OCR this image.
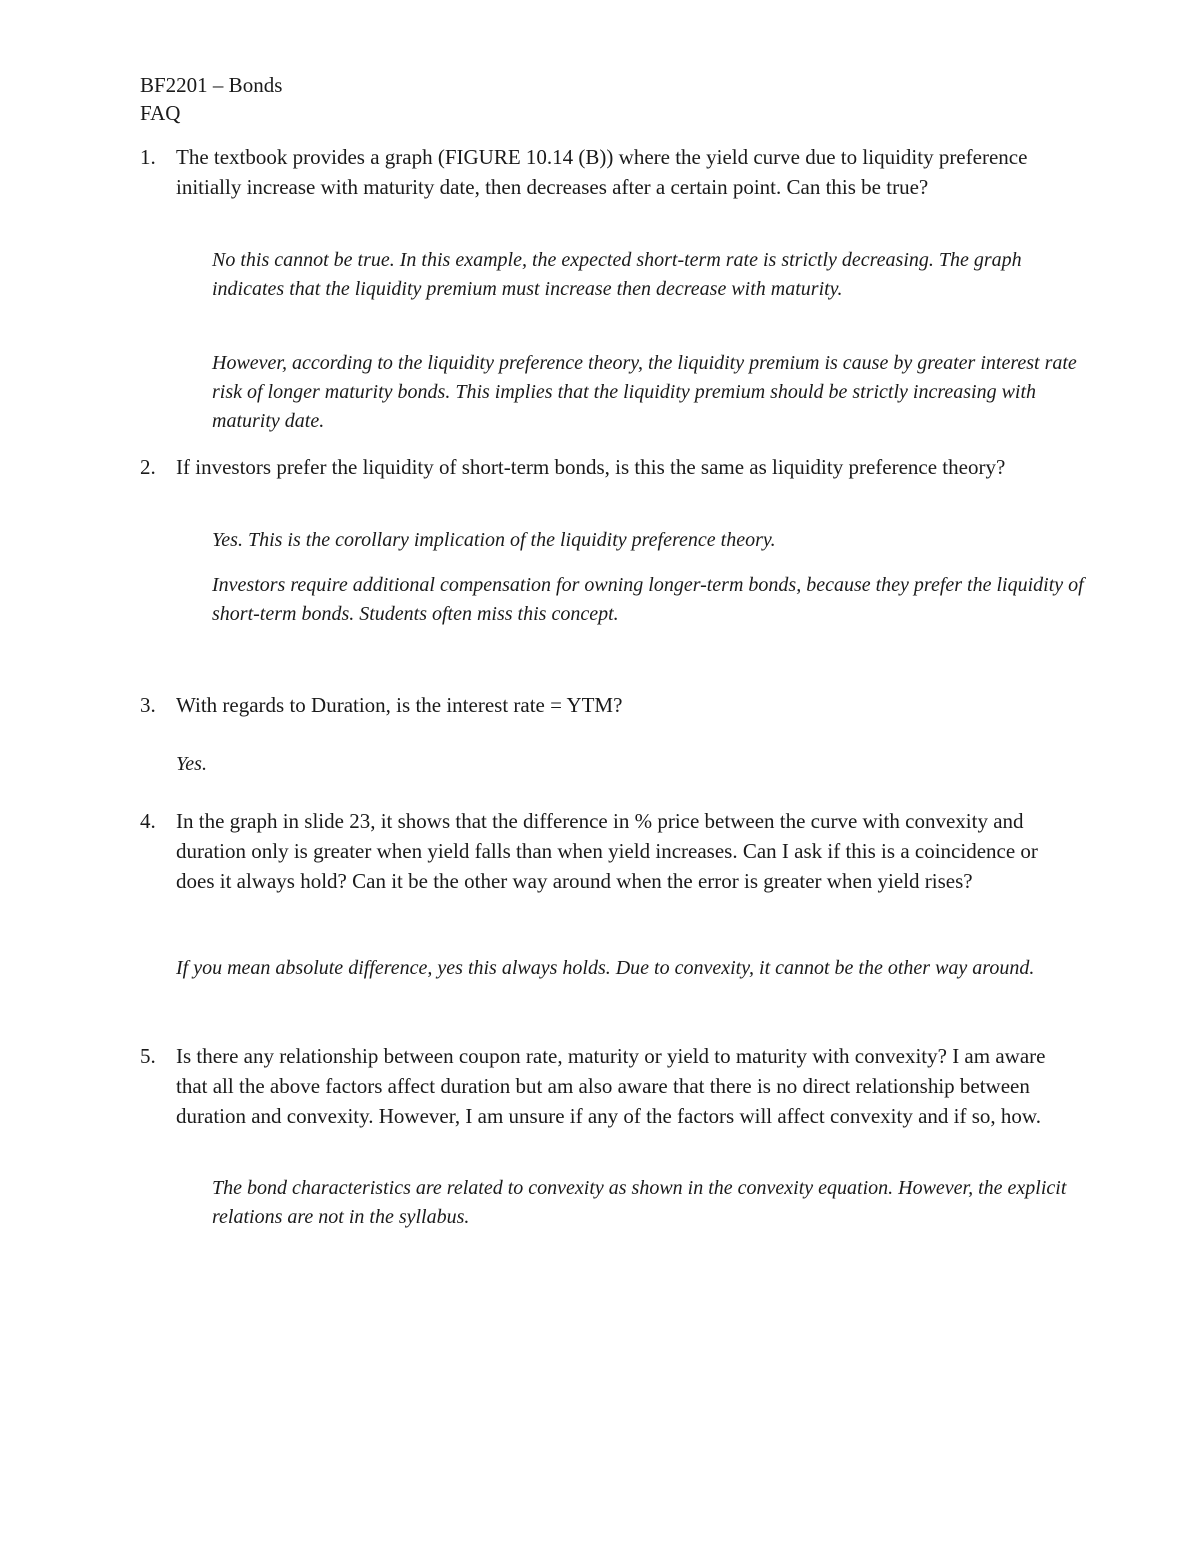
BF2201 – Bonds
FAQ
1. The textbook provides a graph (FIGURE 10.14 (B)) where the yield curve due to liquidity preference initially increase with maturity date, then decreases after a certain point. Can this be true?
No this cannot be true. In this example, the expected short-term rate is strictly decreasing. The graph indicates that the liquidity premium must increase then decrease with maturity.
However, according to the liquidity preference theory, the liquidity premium is cause by greater interest rate risk of longer maturity bonds. This implies that the liquidity premium should be strictly increasing with maturity date.
2. If investors prefer the liquidity of short-term bonds, is this the same as liquidity preference theory?
Yes. This is the corollary implication of the liquidity preference theory.
Investors require additional compensation for owning longer-term bonds, because they prefer the liquidity of short-term bonds. Students often miss this concept.
3. With regards to Duration, is the interest rate = YTM?
Yes.
4. In the graph in slide 23, it shows that the difference in % price between the curve with convexity and duration only is greater when yield falls than when yield increases. Can I ask if this is a coincidence or does it always hold? Can it be the other way around when the error is greater when yield rises?
If you mean absolute difference, yes this always holds. Due to convexity, it cannot be the other way around.
5. Is there any relationship between coupon rate, maturity or yield to maturity with convexity? I am aware that all the above factors affect duration but am also aware that there is no direct relationship between duration and convexity. However, I am unsure if any of the factors will affect convexity and if so, how.
The bond characteristics are related to convexity as shown in the convexity equation. However, the explicit relations are not in the syllabus.
